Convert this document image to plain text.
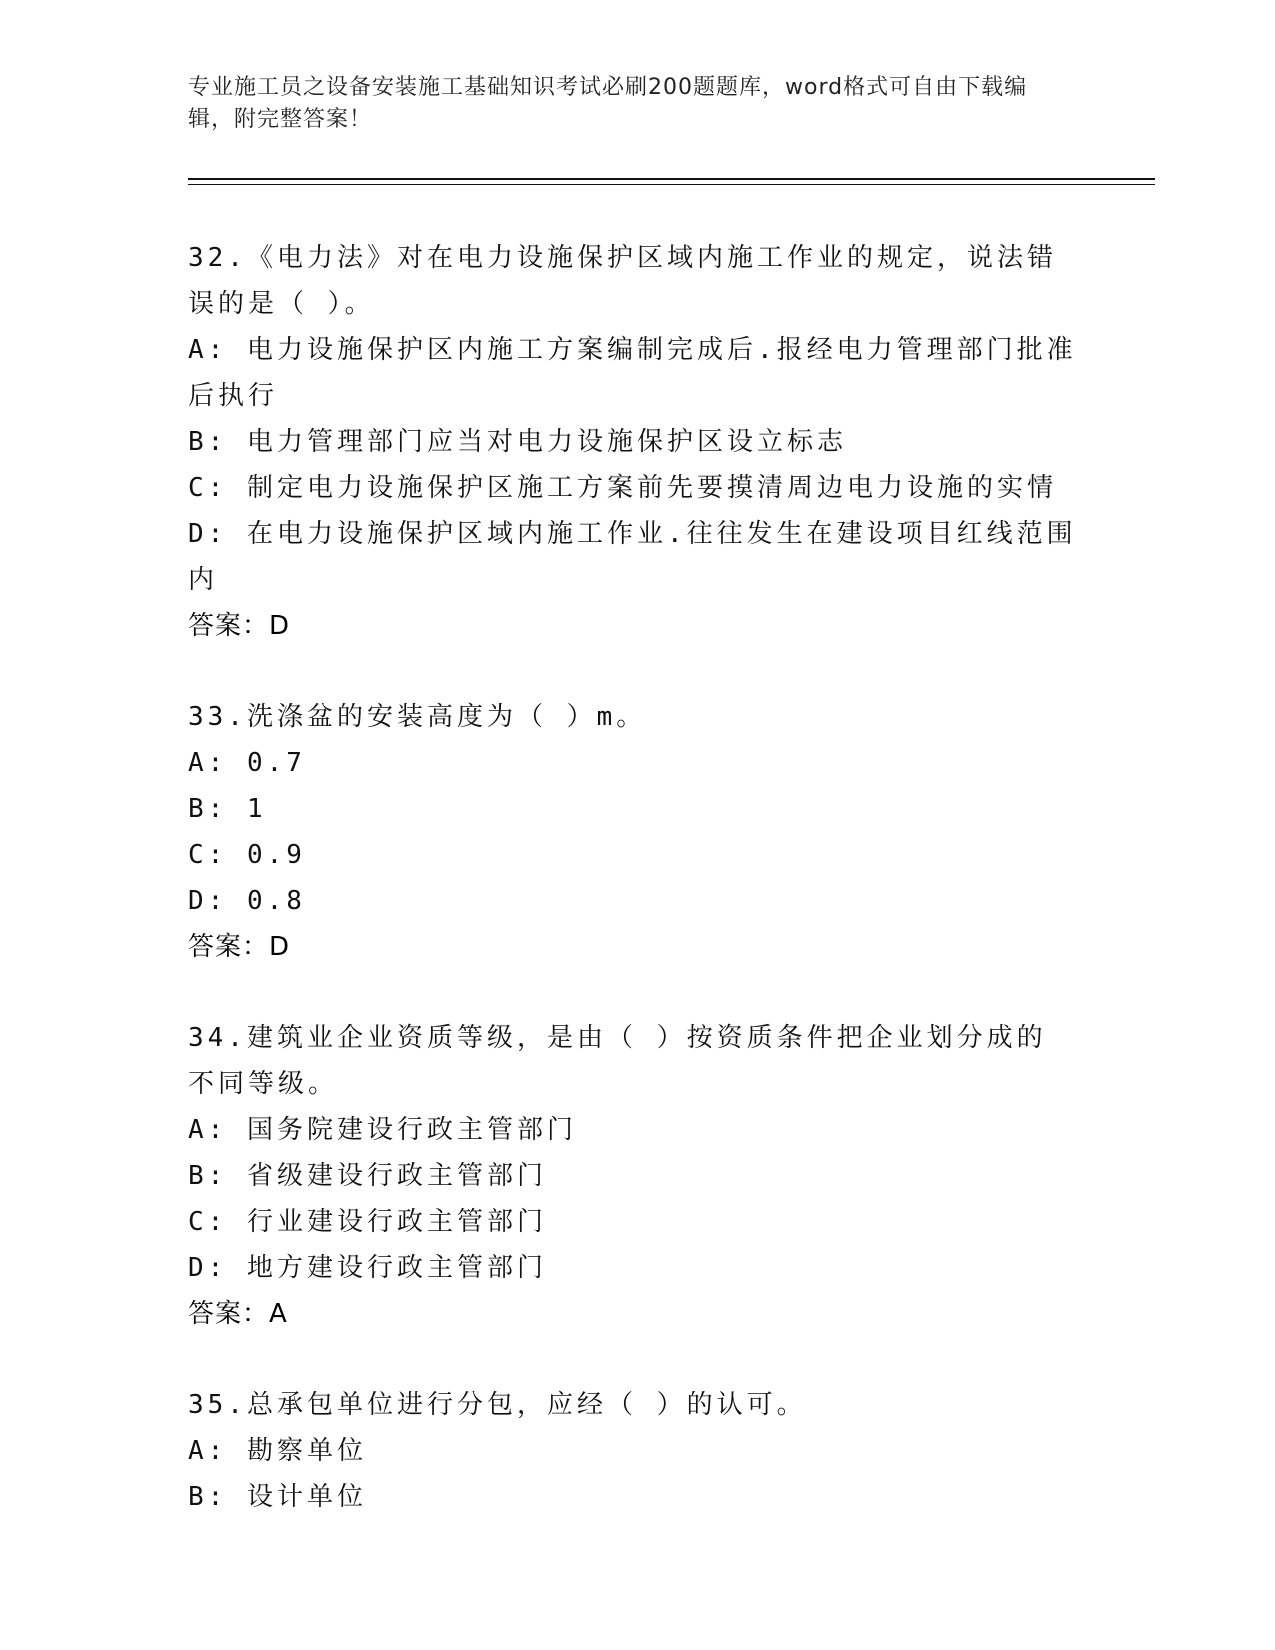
专业施工员之设备安装施工基础知识考试必刷200题题库，word格式可自由下载编辑，附完整答案！
32.《电力法》对在电力设施保护区域内施工作业的规定，说法错误的是（ ）。
A: 电力设施保护区内施工方案编制完成后.报经电力管理部门批准后执行
B: 电力管理部门应当对电力设施保护区设立标志
C: 制定电力设施保护区施工方案前先要摸清周边电力设施的实情
D: 在电力设施保护区域内施工作业.往往发生在建设项目红线范围内
答案：D
33.洗涤盆的安装高度为（ ）m。
A: 0.7
B: 1
C: 0.9
D: 0.8
答案：D
34.建筑业企业资质等级，是由（ ）按资质条件把企业划分成的不同等级。
A: 国务院建设行政主管部门
B: 省级建设行政主管部门
C: 行业建设行政主管部门
D: 地方建设行政主管部门
答案：A
35.总承包单位进行分包，应经（ ）的认可。
A: 勘察单位
B: 设计单位
